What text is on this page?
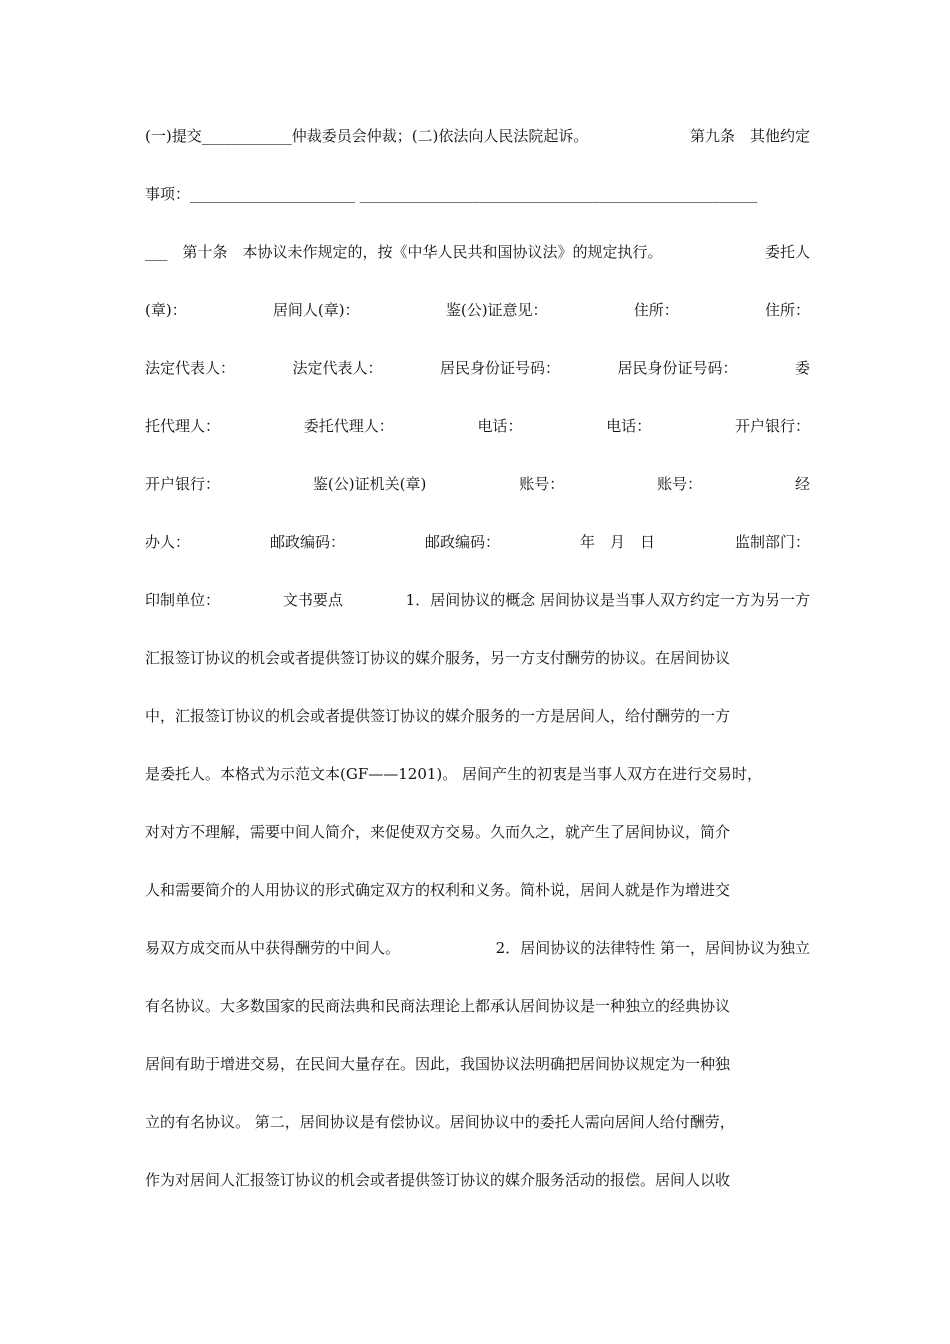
(一)提交____________仲裁委员会仲裁；(二)依法向人民法院起诉。	第九条　其他约定
事项：______________________ _____________________________________________________
___　第十条　本协议未作规定的，按《中华人民共和国协议法》的规定执行。	委托人
(章)：	居间人(章)：	鉴(公)证意见：	住所：	住所：
法定代表人：	法定代表人：	居民身份证号码：	居民身份证号码：	委
托代理人：	委托代理人：	电话：	电话：	开户银行：
开户银行：	鉴(公)证机关(章)	账号：	账号：	经
办人：	邮政编码：	邮政编码：	年　月　日	监制部门：
印制单位：	文书要点	1．居间协议的概念 居间协议是当事人双方约定一方为另一方
汇报签订协议的机会或者提供签订协议的媒介服务，另一方支付酬劳的协议。在居间协议
中，汇报签订协议的机会或者提供签订协议的媒介服务的一方是居间人，给付酬劳的一方
是委托人。本格式为示范文本(GF——1201)。 居间产生的初衷是当事人双方在进行交易时，
对对方不理解，需要中间人简介，来促使双方交易。久而久之，就产生了居间协议，简介
人和需要简介的人用协议的形式确定双方的权利和义务。简朴说，居间人就是作为增进交
易双方成交而从中获得酬劳的中间人。	2．居间协议的法律特性 第一，居间协议为独立
有名协议。大多数国家的民商法典和民商法理论上都承认居间协议是一种独立的经典协议
居间有助于增进交易，在民间大量存在。因此，我国协议法明确把居间协议规定为一种独
立的有名协议。 第二，居间协议是有偿协议。居间协议中的委托人需向居间人给付酬劳，
作为对居间人汇报签订协议的机会或者提供签订协议的媒介服务活动的报偿。居间人以收
